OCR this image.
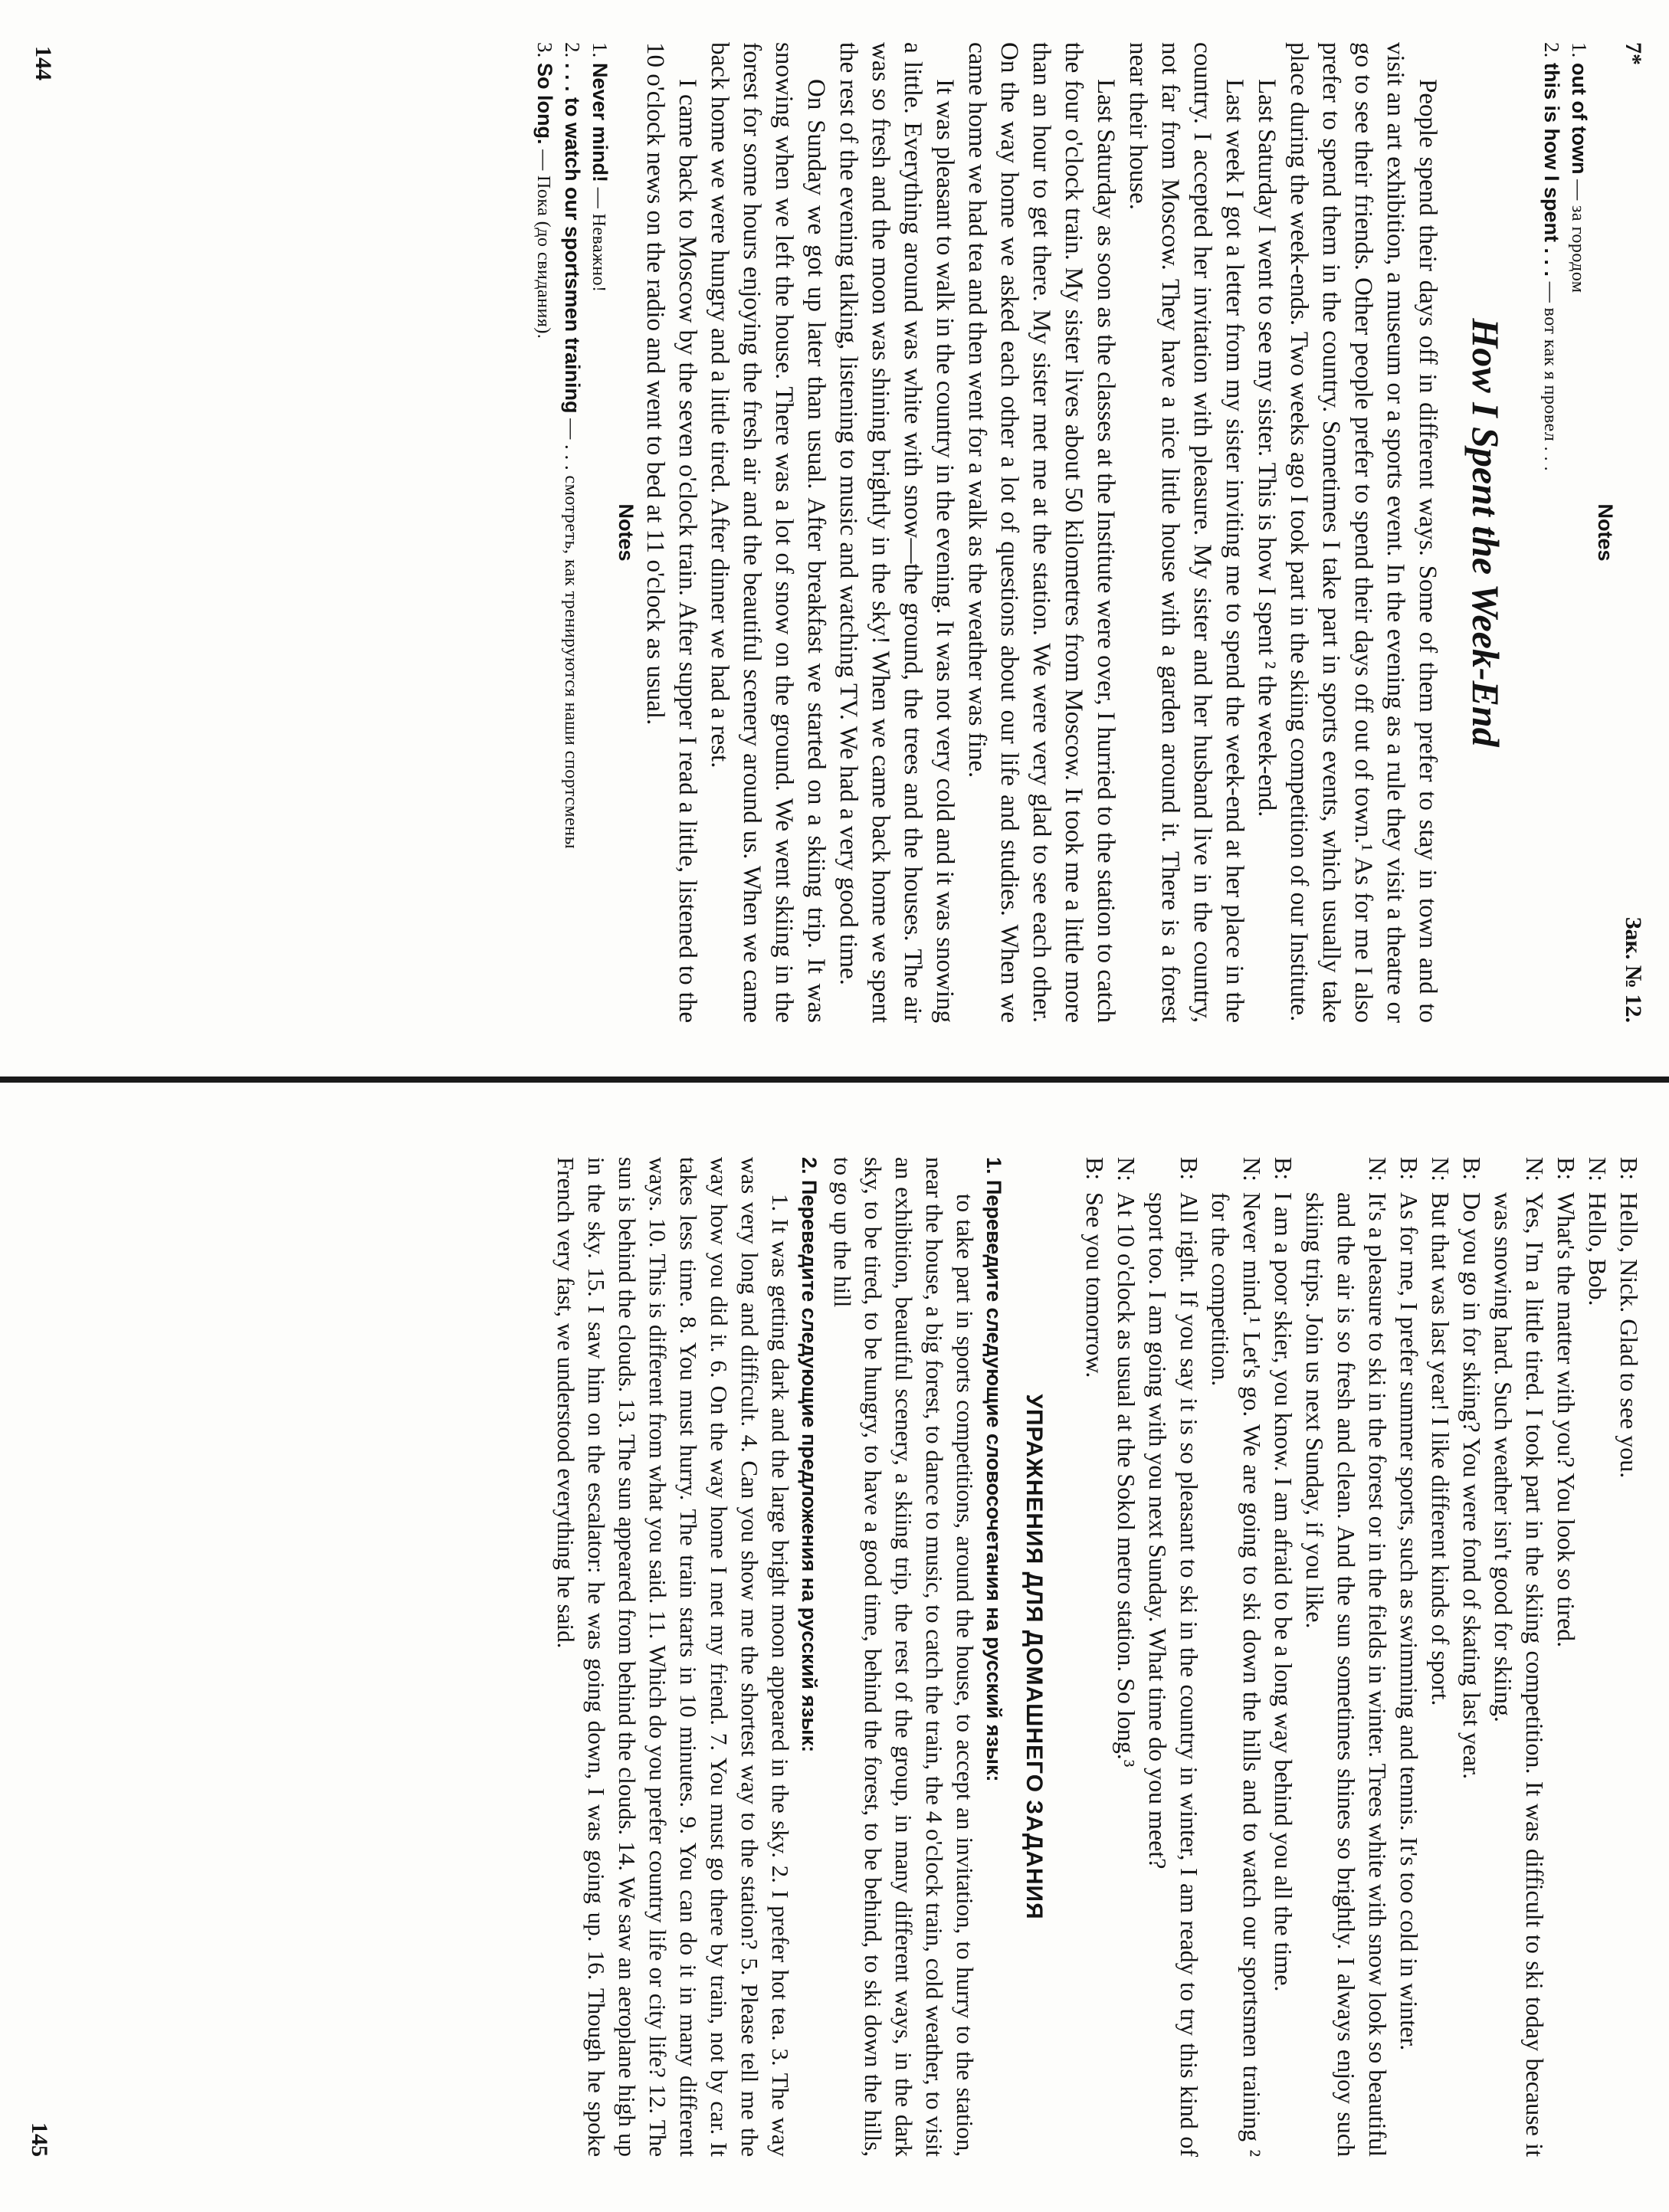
7*
Зак. № 12.
Notes
1. out of town — за городом
2. this is how I spent . . . — вот как я провел . . .
How I Spent the Week-End

People spend their days off in different ways. Some of them prefer to stay in town and to visit an art exhibition, a museum or a sports event. In the evening as a rule they visit a theatre or go to see their friends. Other people prefer to spend their days off out of town.¹ As for me I also prefer to spend them in the country. Sometimes I take part in sports events, which usually take place during the week-ends. Two weeks ago I took part in the skiing competition of our Institute.

Last Saturday I went to see my sister. This is how I spent ² the week-end.

Last week I got a letter from my sister inviting me to spend the week-end at her place in the country. I accepted her invitation with pleasure. My sister and her husband live in the country, not far from Moscow. They have a nice little house with a garden around it. There is a forest near their house.

Last Saturday as soon as the classes at the Institute were over, I hurried to the station to catch the four o'clock train. My sister lives about 50 kilometres from Moscow. It took me a little more than an hour to get there. My sister met me at the station. We were very glad to see each other. On the way home we asked each other a lot of questions about our life and studies. When we came home we had tea and then went for a walk as the weather was fine.

It was pleasant to walk in the country in the evening. It was not very cold and it was snowing a little. Everything around was white with snow—the ground, the trees and the houses. The air was so fresh and the moon was shining brightly in the sky! When we came back home we spent the rest of the evening talking, listening to music and watching TV. We had a very good time.

On Sunday we got up later than usual. After breakfast we started on a skiing trip. It was snowing when we left the house. There was a lot of snow on the ground. We went skiing in the forest for some hours enjoying the fresh air and the beautiful scenery around us. When we came back home we were hungry and a little tired. After dinner we had a rest.

I came back to Moscow by the seven o'clock train. After supper I read a little, listened to the 10 o'clock news on the radio and went to bed at 11 o'clock as usual.

Notes
1. Never mind! — Неважно!
2. . . . to watch our sportsmen training — . . . смотреть, как тренируются наши спортсмены
3. So long. — Пока (до свидания).
144
B:
Hello, Nick. Glad to see you.
N:
Hello, Bob.
B:
What's the matter with you? You look so tired.
N:
Yes, I'm a little tired. I took part in the skiing competition. It was difficult to ski today because it was snowing hard. Such weather isn't good for skiing.
B:
Do you go in for skiing? You were fond of skating last year.
N:
But that was last year! I like different kinds of sport.
B:
As for me, I prefer summer sports, such as swimming and tennis. It's too cold in winter.
N:
It's a pleasure to ski in the forest or in the fields in winter. Trees white with snow look so beautiful and the air is so fresh and clean. And the sun sometimes shines so brightly. I always enjoy such skiing trips. Join us next Sunday, if you like.
B:
I am a poor skier, you know. I am afraid to be a long way behind you all the time.
N:
Never mind.¹ Let's go. We are going to ski down the hills and to watch our sportsmen training ² for the competition.
B:
All right. If you say it is so pleasant to ski in the country in winter, I am ready to try this kind of sport too. I am going with you next Sunday. What time do you meet?
N:
At 10 o'clock as usual at the Sokol metro station. So long.³
B:
See you tomorrow.
УПРАЖНЕНИЯ ДЛЯ ДОМАШНЕГО ЗАДАНИЯ
1. Переведите следующие словосочетания на русский язык:

to take part in sports competitions, around the house, to accept an invitation, to hurry to the station, near the house, a big forest, to dance to music, to catch the train, the 4 o'clock train, cold weather, to visit an exhibition, beautiful scenery, a skiing trip, the rest of the group, in many different ways, in the dark sky, to be tired, to be hungry, to have a good time, behind the forest, to be behind, to ski down the hills, to go up the hill

2. Переведите следующие предложения на русский язык:

1. It was getting dark and the large bright moon appeared in the sky. 2. I prefer hot tea. 3. The way was very long and difficult. 4. Can you show me the shortest way to the station? 5. Please tell me the way how you did it. 6. On the way home I met my friend. 7. You must go there by train, not by car. It takes less time. 8. You must hurry. The train starts in 10 minutes. 9. You can do it in many different ways. 10. This is different from what you said. 11. Which do you prefer country life or city life? 12. The sun is behind the clouds. 13. The sun appeared from behind the clouds. 14. We saw an aeroplane high up in the sky. 15. I saw him on the escalator: he was going down, I was going up. 16. Though he spoke French very fast, we understood everything he said.

145
